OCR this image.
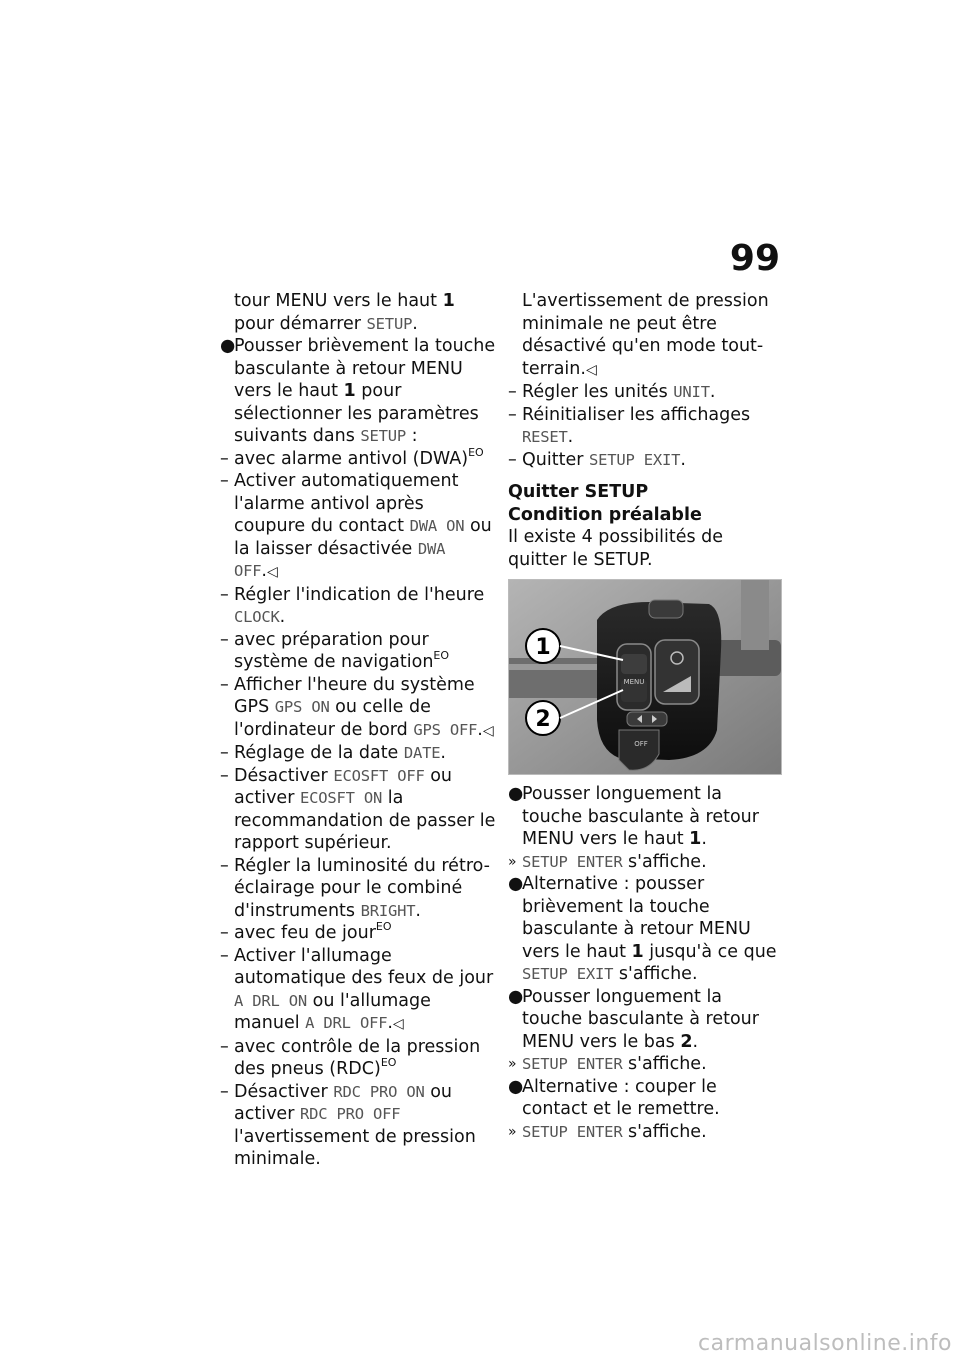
99

tour MENU vers le haut 1

pour démarrer SETUP.

●
Pousser brièvement la touche basculante à retour MENU vers le haut 1 pour sélectionner les paramètres suivants dans SETUP :

– avec alarme antivol (DWA)$^{EO}$

– Activer automatiquement l'alarme antivol après coupure du contact DWA ON ou la laisser désactivée DWA OFF.◁

– Régler l'indication de l'heure CLOCK.

– avec préparation pour système de navigation$^{EO}$

– Afficher l'heure du système GPS GPS ON ou celle de l'ordinateur de bord GPS OFF.◁

– Réglage de la date DATE.

– Désactiver ECOSFT OFF ou activer ECOSFT ON la recommandation de passer le rapport supérieur.

– Régler la luminosité du rétro-éclairage pour le combiné d'instruments BRIGHT.

– avec feu de jour$^{EO}$

– Activer l'allumage automatique des feux de jour A DRL ON ou l'allumage manuel A DRL OFF.◁

– avec contrôle de la pression des pneus (RDC)$^{EO}$

– Désactiver RDC PRO ON ou activer RDC PRO OFF l'avertissement de pression minimale.

L'avertissement de pression minimale ne peut être désactivé qu'en mode tout-terrain.◁

– Régler les unités UNIT.

– Réinitialiser les affichages RESET.

– Quitter SETUP EXIT.

Quitter SETUP

Condition préalable

Il existe 4 possibilités de quitter le SETUP.

1
2
MENU
OFF

●
Pousser longuement la touche basculante à retour MENU vers le haut 1.

» SETUP ENTER s'affiche.

●
Alternative : pousser brièvement la touche basculante à retour MENU vers le haut 1 jusqu'à ce que SETUP EXIT s'affiche.

●
Pousser longuement la touche basculante à retour MENU vers le bas 2.

» SETUP ENTER s'affiche.

●
Alternative : couper le contact et le remettre.

» SETUP ENTER s'affiche.

carmanualsonline.info
